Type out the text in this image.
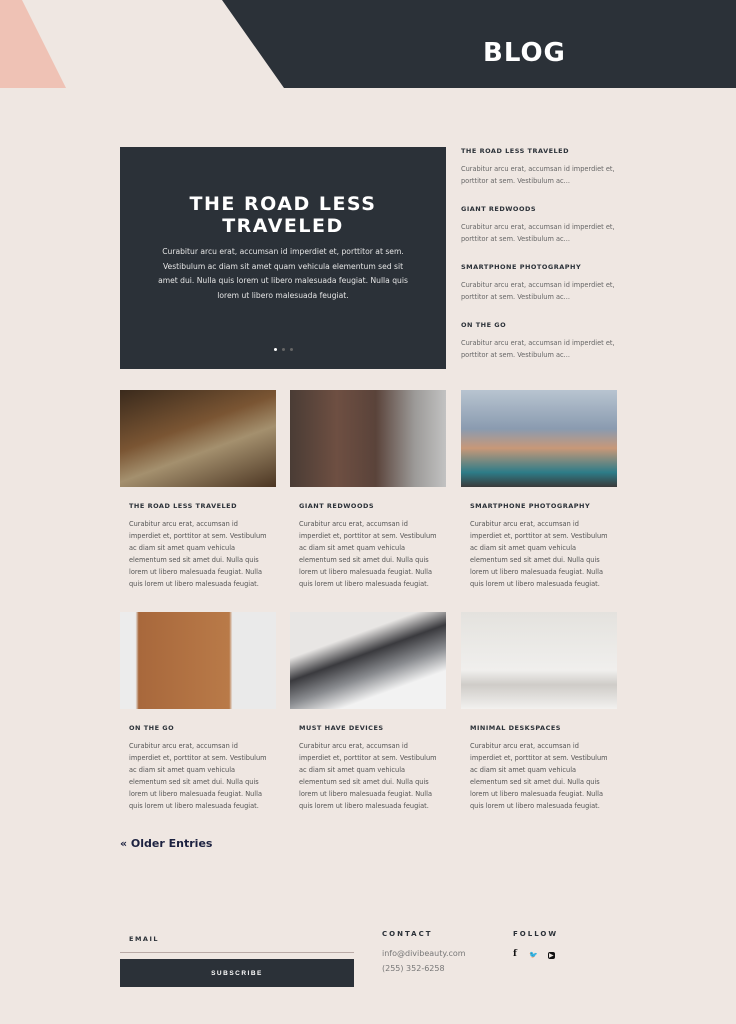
BLOG
THE ROAD LESS TRAVELED

Curabitur arcu erat, accumsan id imperdiet et, porttitor at sem. Vestibulum ac diam sit amet quam vehicula elementum sed sit amet dui. Nulla quis lorem ut libero malesuada feugiat. Nulla quis lorem ut libero malesuada feugiat.

THE ROAD LESS TRAVELED

Curabitur arcu erat, accumsan id imperdiet et, porttitor at sem. Vestibulum ac...

GIANT REDWOODS

Curabitur arcu erat, accumsan id imperdiet et, porttitor at sem. Vestibulum ac...

SMARTPHONE PHOTOGRAPHY

Curabitur arcu erat, accumsan id imperdiet et, porttitor at sem. Vestibulum ac...

ON THE GO

Curabitur arcu erat, accumsan id imperdiet et, porttitor at sem. Vestibulum ac...

THE ROAD LESS TRAVELED

Curabitur arcu erat, accumsan id imperdiet et, porttitor at sem. Vestibulum ac diam sit amet quam vehicula elementum sed sit amet dui. Nulla quis lorem ut libero malesuada feugiat. Nulla quis lorem ut libero malesuada feugiat.

GIANT REDWOODS

Curabitur arcu erat, accumsan id imperdiet et, porttitor at sem. Vestibulum ac diam sit amet quam vehicula elementum sed sit amet dui. Nulla quis lorem ut libero malesuada feugiat. Nulla quis lorem ut libero malesuada feugiat.

SMARTPHONE PHOTOGRAPHY

Curabitur arcu erat, accumsan id imperdiet et, porttitor at sem. Vestibulum ac diam sit amet quam vehicula elementum sed sit amet dui. Nulla quis lorem ut libero malesuada feugiat. Nulla quis lorem ut libero malesuada feugiat.

ON THE GO

Curabitur arcu erat, accumsan id imperdiet et, porttitor at sem. Vestibulum ac diam sit amet quam vehicula elementum sed sit amet dui. Nulla quis lorem ut libero malesuada feugiat. Nulla quis lorem ut libero malesuada feugiat.

MUST HAVE DEVICES

Curabitur arcu erat, accumsan id imperdiet et, porttitor at sem. Vestibulum ac diam sit amet quam vehicula elementum sed sit amet dui. Nulla quis lorem ut libero malesuada feugiat. Nulla quis lorem ut libero malesuada feugiat.

MINIMAL DESKSPACES

Curabitur arcu erat, accumsan id imperdiet et, porttitor at sem. Vestibulum ac diam sit amet quam vehicula elementum sed sit amet dui. Nulla quis lorem ut libero malesuada feugiat. Nulla quis lorem ut libero malesuada feugiat.

« Older Entries
EMAIL
SUBSCRIBE
CONTACT
info@divibeauty.com
(255) 352-6258
FOLLOW
f 🐦 ▶
